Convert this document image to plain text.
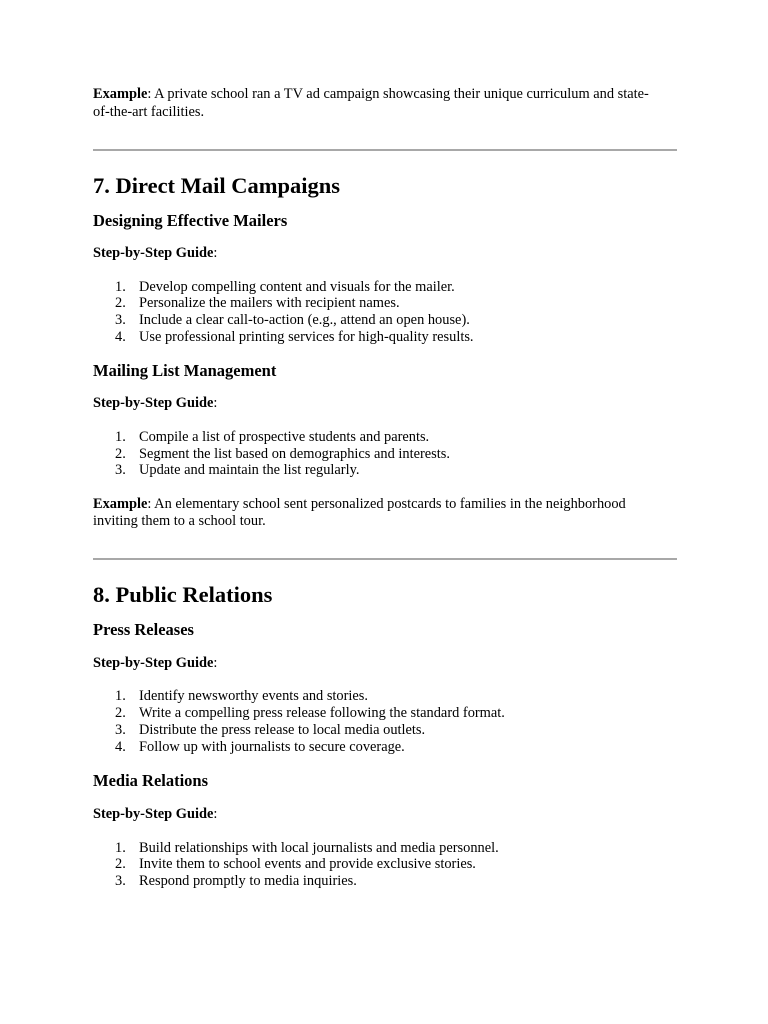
Example: A private school ran a TV ad campaign showcasing their unique curriculum and state-of-the-art facilities.

7. Direct Mail Campaigns
Designing Effective Mailers

Step-by-Step Guide:

1. Develop compelling content and visuals for the mailer.
2. Personalize the mailers with recipient names.
3. Include a clear call-to-action (e.g., attend an open house).
4. Use professional printing services for high-quality results.
Mailing List Management

Step-by-Step Guide:

1. Compile a list of prospective students and parents.
2. Segment the list based on demographics and interests.
3. Update and maintain the list regularly.

Example: An elementary school sent personalized postcards to families in the neighborhood inviting them to a school tour.

8. Public Relations
Press Releases

Step-by-Step Guide:

1. Identify newsworthy events and stories.
2. Write a compelling press release following the standard format.
3. Distribute the press release to local media outlets.
4. Follow up with journalists to secure coverage.
Media Relations

Step-by-Step Guide:

1. Build relationships with local journalists and media personnel.
2. Invite them to school events and provide exclusive stories.
3. Respond promptly to media inquiries.
